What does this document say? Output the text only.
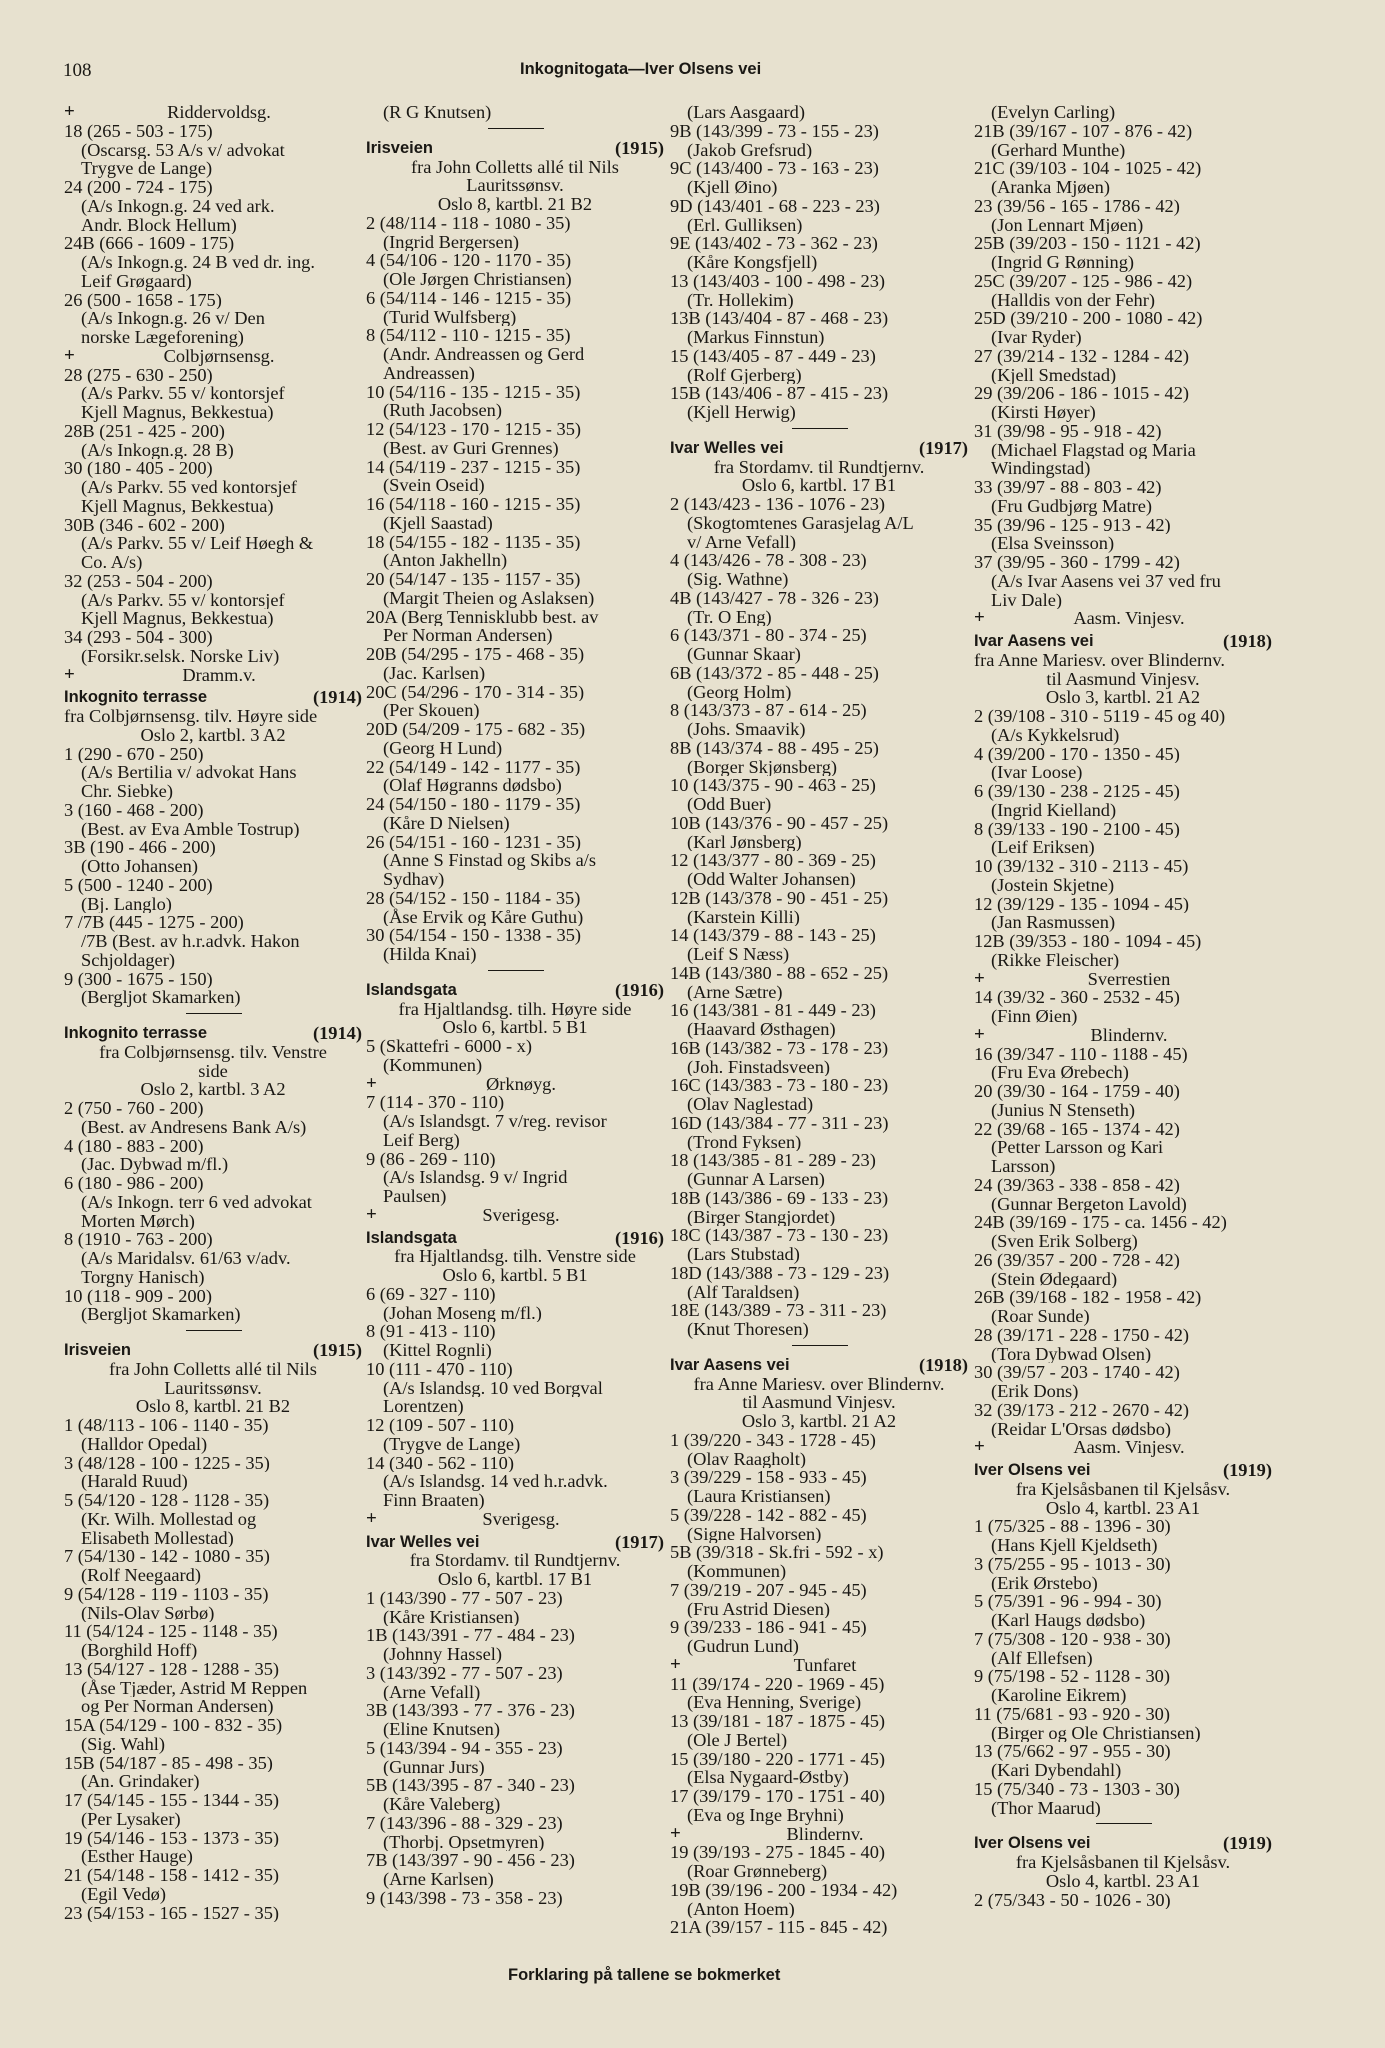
108	Inkognitogata—Iver Olsens vei
+	Riddervoldsg.
18 (265 - 503 - 175)
(Oscarsg. 53 A/s v/ advokat
Trygve de Lange)
24 (200 - 724 - 175)
(A/s Inkogn.g. 24 ved ark.
Andr. Block Hellum)
24B (666 - 1609 - 175)
(A/s Inkogn.g. 24 B ved dr. ing.
Leif Grøgaard)
26 (500 - 1658 - 175)
(A/s Inkogn.g. 26 v/ Den
norske Lægeforening)
+	Colbjørnsensg.
28 (275 - 630 - 250)
(A/s Parkv. 55 v/ kontorsjef
Kjell Magnus, Bekkestua)
28B (251 - 425 - 200)
(A/s Inkogn.g. 28 B)
30 (180 - 405 - 200)
(A/s Parkv. 55 ved kontorsjef
Kjell Magnus, Bekkestua)
30B (346 - 602 - 200)
(A/s Parkv. 55 v/ Leif Høegh &
Co. A/s)
32 (253 - 504 - 200)
(A/s Parkv. 55 v/ kontorsjef
Kjell Magnus, Bekkestua)
34 (293 - 504 - 300)
(Forsikr.selsk. Norske Liv)
+	Dramm.v.
Inkognito terrasse	(1914)
fra Colbjørnsensg. tilv. Høyre side
Oslo 2, kartbl. 3 A2
1 (290 - 670 - 250)
(A/s Bertilia v/ advokat Hans
Chr. Siebke)
3 (160 - 468 - 200)
(Best. av Eva Amble Tostrup)
3B (190 - 466 - 200)
(Otto Johansen)
5 (500 - 1240 - 200)
(Bj. Langlo)
7 /7B (445 - 1275 - 200)
/7B (Best. av h.r.advk. Hakon
Schjoldager)
9 (300 - 1675 - 150)
(Bergljot Skamarken)
Inkognito terrasse	(1914)
fra Colbjørnsensg. tilv. Venstre
side
Oslo 2, kartbl. 3 A2
2 (750 - 760 - 200)
(Best. av Andresens Bank A/s)
4 (180 - 883 - 200)
(Jac. Dybwad m/fl.)
6 (180 - 986 - 200)
(A/s Inkogn. terr 6 ved advokat
Morten Mørch)
8 (1910 - 763 - 200)
(A/s Maridalsv. 61/63 v/adv.
Torgny Hanisch)
10 (118 - 909 - 200)
(Bergljot Skamarken)
Irisveien	(1915)
fra John Colletts allé til Nils
Lauritssønsv.
Oslo 8, kartbl. 21 B2
1 (48/113 - 106 - 1140 - 35)
(Halldor Opedal)
3 (48/128 - 100 - 1225 - 35)
(Harald Ruud)
5 (54/120 - 128 - 1128 - 35)
(Kr. Wilh. Mollestad og
Elisabeth Mollestad)
7 (54/130 - 142 - 1080 - 35)
(Rolf Neegaard)
9 (54/128 - 119 - 1103 - 35)
(Nils-Olav Sørbø)
11 (54/124 - 125 - 1148 - 35)
(Borghild Hoff)
13 (54/127 - 128 - 1288 - 35)
(Åse Tjæder, Astrid M Reppen
og Per Norman Andersen)
15A (54/129 - 100 - 832 - 35)
(Sig. Wahl)
15B (54/187 - 85 - 498 - 35)
(An. Grindaker)
17 (54/145 - 155 - 1344 - 35)
(Per Lysaker)
19 (54/146 - 153 - 1373 - 35)
(Esther Hauge)
21 (54/148 - 158 - 1412 - 35)
(Egil Vedø)
23 (54/153 - 165 - 1527 - 35)
(R G Knutsen)
Irisveien	(1915)
fra John Colletts allé til Nils
Lauritssønsv.
Oslo 8, kartbl. 21 B2
2 (48/114 - 118 - 1080 - 35)
(Ingrid Bergersen)
4 (54/106 - 120 - 1170 - 35)
(Ole Jørgen Christiansen)
6 (54/114 - 146 - 1215 - 35)
(Turid Wulfsberg)
8 (54/112 - 110 - 1215 - 35)
(Andr. Andreassen og Gerd
Andreassen)
10 (54/116 - 135 - 1215 - 35)
(Ruth Jacobsen)
12 (54/123 - 170 - 1215 - 35)
(Best. av Guri Grennes)
14 (54/119 - 237 - 1215 - 35)
(Svein Oseid)
16 (54/118 - 160 - 1215 - 35)
(Kjell Saastad)
18 (54/155 - 182 - 1135 - 35)
(Anton Jakhelln)
20 (54/147 - 135 - 1157 - 35)
(Margit Theien og Aslaksen)
20A (Berg Tennisklubb best. av
Per Norman Andersen)
20B (54/295 - 175 - 468 - 35)
(Jac. Karlsen)
20C (54/296 - 170 - 314 - 35)
(Per Skouen)
20D (54/209 - 175 - 682 - 35)
(Georg H Lund)
22 (54/149 - 142 - 1177 - 35)
(Olaf Høgranns dødsbo)
24 (54/150 - 180 - 1179 - 35)
(Kåre D Nielsen)
26 (54/151 - 160 - 1231 - 35)
(Anne S Finstad og Skibs a/s
Sydhav)
28 (54/152 - 150 - 1184 - 35)
(Åse Ervik og Kåre Guthu)
30 (54/154 - 150 - 1338 - 35)
(Hilda Knai)
Islandsgata	(1916)
fra Hjaltlandsg. tilh. Høyre side
Oslo 6, kartbl. 5 B1
5 (Skattefri - 6000 - x)
(Kommunen)
+	Ørknøyg.
7 (114 - 370 - 110)
(A/s Islandsgt. 7 v/reg. revisor
Leif Berg)
9 (86 - 269 - 110)
(A/s Islandsg. 9 v/ Ingrid
Paulsen)
+	Sverigesg.
Islandsgata	(1916)
fra Hjaltlandsg. tilh. Venstre side
Oslo 6, kartbl. 5 B1
6 (69 - 327 - 110)
(Johan Moseng m/fl.)
8 (91 - 413 - 110)
(Kittel Rognli)
10 (111 - 470 - 110)
(A/s Islandsg. 10 ved Borgval
Lorentzen)
12 (109 - 507 - 110)
(Trygve de Lange)
14 (340 - 562 - 110)
(A/s Islandsg. 14 ved h.r.advk.
Finn Braaten)
+	Sverigesg.
Ivar Welles vei	(1917)
fra Stordamv. til Rundtjernv.
Oslo 6, kartbl. 17 B1
1 (143/390 - 77 - 507 - 23)
(Kåre Kristiansen)
1B (143/391 - 77 - 484 - 23)
(Johnny Hassel)
3 (143/392 - 77 - 507 - 23)
(Arne Vefall)
3B (143/393 - 77 - 376 - 23)
(Eline Knutsen)
5 (143/394 - 94 - 355 - 23)
(Gunnar Jurs)
5B (143/395 - 87 - 340 - 23)
(Kåre Valeberg)
7 (143/396 - 88 - 329 - 23)
(Thorbj. Opsetmyren)
7B (143/397 - 90 - 456 - 23)
(Arne Karlsen)
9 (143/398 - 73 - 358 - 23)
(Lars Aasgaard)
9B (143/399 - 73 - 155 - 23)
(Jakob Grefsrud)
9C (143/400 - 73 - 163 - 23)
(Kjell Øino)
9D (143/401 - 68 - 223 - 23)
(Erl. Gulliksen)
9E (143/402 - 73 - 362 - 23)
(Kåre Kongsfjell)
13 (143/403 - 100 - 498 - 23)
(Tr. Hollekim)
13B (143/404 - 87 - 468 - 23)
(Markus Finnstun)
15 (143/405 - 87 - 449 - 23)
(Rolf Gjerberg)
15B (143/406 - 87 - 415 - 23)
(Kjell Herwig)
Ivar Welles vei	(1917)
fra Stordamv. til Rundtjernv.
Oslo 6, kartbl. 17 B1
2 (143/423 - 136 - 1076 - 23)
(Skogtomtenes Garasjelag A/L
v/ Arne Vefall)
4 (143/426 - 78 - 308 - 23)
(Sig. Wathne)
4B (143/427 - 78 - 326 - 23)
(Tr. O Eng)
6 (143/371 - 80 - 374 - 25)
(Gunnar Skaar)
6B (143/372 - 85 - 448 - 25)
(Georg Holm)
8 (143/373 - 87 - 614 - 25)
(Johs. Smaavik)
8B (143/374 - 88 - 495 - 25)
(Borger Skjønsberg)
10 (143/375 - 90 - 463 - 25)
(Odd Buer)
10B (143/376 - 90 - 457 - 25)
(Karl Jønsberg)
12 (143/377 - 80 - 369 - 25)
(Odd Walter Johansen)
12B (143/378 - 90 - 451 - 25)
(Karstein Killi)
14 (143/379 - 88 - 143 - 25)
(Leif S Næss)
14B (143/380 - 88 - 652 - 25)
(Arne Sætre)
16 (143/381 - 81 - 449 - 23)
(Haavard Østhagen)
16B (143/382 - 73 - 178 - 23)
(Joh. Finstadsveen)
16C (143/383 - 73 - 180 - 23)
(Olav Naglestad)
16D (143/384 - 77 - 311 - 23)
(Trond Fyksen)
18 (143/385 - 81 - 289 - 23)
(Gunnar A Larsen)
18B (143/386 - 69 - 133 - 23)
(Birger Stangjordet)
18C (143/387 - 73 - 130 - 23)
(Lars Stubstad)
18D (143/388 - 73 - 129 - 23)
(Alf Taraldsen)
18E (143/389 - 73 - 311 - 23)
(Knut Thoresen)
Ivar Aasens vei	(1918)
fra Anne Mariesv. over Blindernv.
til Aasmund Vinjesv.
Oslo 3, kartbl. 21 A2
1 (39/220 - 343 - 1728 - 45)
(Olav Raagholt)
3 (39/229 - 158 - 933 - 45)
(Laura Kristiansen)
5 (39/228 - 142 - 882 - 45)
(Signe Halvorsen)
5B (39/318 - Sk.fri - 592 - x)
(Kommunen)
7 (39/219 - 207 - 945 - 45)
(Fru Astrid Diesen)
9 (39/233 - 186 - 941 - 45)
(Gudrun Lund)
+	Tunfaret
11 (39/174 - 220 - 1969 - 45)
(Eva Henning, Sverige)
13 (39/181 - 187 - 1875 - 45)
(Ole J Bertel)
15 (39/180 - 220 - 1771 - 45)
(Elsa Nygaard-Østby)
17 (39/179 - 170 - 1751 - 40)
(Eva og Inge Bryhni)
+	Blindernv.
19 (39/193 - 275 - 1845 - 40)
(Roar Grønneberg)
19B (39/196 - 200 - 1934 - 42)
(Anton Hoem)
21A (39/157 - 115 - 845 - 42)
(Evelyn Carling)
21B (39/167 - 107 - 876 - 42)
(Gerhard Munthe)
21C (39/103 - 104 - 1025 - 42)
(Aranka Mjøen)
23 (39/56 - 165 - 1786 - 42)
(Jon Lennart Mjøen)
25B (39/203 - 150 - 1121 - 42)
(Ingrid G Rønning)
25C (39/207 - 125 - 986 - 42)
(Halldis von der Fehr)
25D (39/210 - 200 - 1080 - 42)
(Ivar Ryder)
27 (39/214 - 132 - 1284 - 42)
(Kjell Smedstad)
29 (39/206 - 186 - 1015 - 42)
(Kirsti Høyer)
31 (39/98 - 95 - 918 - 42)
(Michael Flagstad og Maria
Windingstad)
33 (39/97 - 88 - 803 - 42)
(Fru Gudbjørg Matre)
35 (39/96 - 125 - 913 - 42)
(Elsa Sveinsson)
37 (39/95 - 360 - 1799 - 42)
(A/s Ivar Aasens vei 37 ved fru
Liv Dale)
+	Aasm. Vinjesv.
Ivar Aasens vei	(1918)
fra Anne Mariesv. over Blindernv.
til Aasmund Vinjesv.
Oslo 3, kartbl. 21 A2
2 (39/108 - 310 - 5119 - 45 og 40)
(A/s Kykkelsrud)
4 (39/200 - 170 - 1350 - 45)
(Ivar Loose)
6 (39/130 - 238 - 2125 - 45)
(Ingrid Kielland)
8 (39/133 - 190 - 2100 - 45)
(Leif Eriksen)
10 (39/132 - 310 - 2113 - 45)
(Jostein Skjetne)
12 (39/129 - 135 - 1094 - 45)
(Jan Rasmussen)
12B (39/353 - 180 - 1094 - 45)
(Rikke Fleischer)
+	Sverrestien
14 (39/32 - 360 - 2532 - 45)
(Finn Øien)
+	Blindernv.
16 (39/347 - 110 - 1188 - 45)
(Fru Eva Ørebech)
20 (39/30 - 164 - 1759 - 40)
(Junius N Stenseth)
22 (39/68 - 165 - 1374 - 42)
(Petter Larsson og Kari
Larsson)
24 (39/363 - 338 - 858 - 42)
(Gunnar Bergeton Lavold)
24B (39/169 - 175 - ca. 1456 - 42)
(Sven Erik Solberg)
26 (39/357 - 200 - 728 - 42)
(Stein Ødegaard)
26B (39/168 - 182 - 1958 - 42)
(Roar Sunde)
28 (39/171 - 228 - 1750 - 42)
(Tora Dybwad Olsen)
30 (39/57 - 203 - 1740 - 42)
(Erik Dons)
32 (39/173 - 212 - 2670 - 42)
(Reidar L'Orsas dødsbo)
+	Aasm. Vinjesv.
Iver Olsens vei	(1919)
fra Kjelsåsbanen til Kjelsåsv.
Oslo 4, kartbl. 23 A1
1 (75/325 - 88 - 1396 - 30)
(Hans Kjell Kjeldseth)
3 (75/255 - 95 - 1013 - 30)
(Erik Ørstebo)
5 (75/391 - 96 - 994 - 30)
(Karl Haugs dødsbo)
7 (75/308 - 120 - 938 - 30)
(Alf Ellefsen)
9 (75/198 - 52 - 1128 - 30)
(Karoline Eikrem)
11 (75/681 - 93 - 920 - 30)
(Birger og Ole Christiansen)
13 (75/662 - 97 - 955 - 30)
(Kari Dybendahl)
15 (75/340 - 73 - 1303 - 30)
(Thor Maarud)
Iver Olsens vei	(1919)
fra Kjelsåsbanen til Kjelsåsv.
Oslo 4, kartbl. 23 A1
2 (75/343 - 50 - 1026 - 30)
Forklaring på tallene se bokmerket
